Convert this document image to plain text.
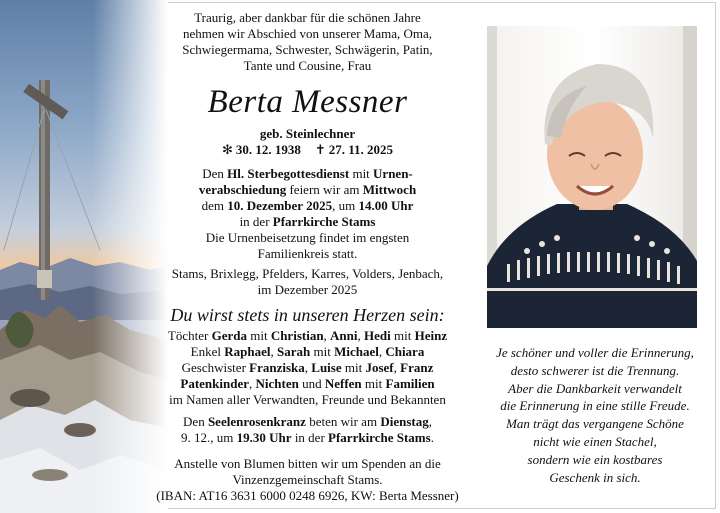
Traurig, aber dankbar für die schönen Jahre
nehmen wir Abschied von unserer Mama, Oma,
Schwiegermama, Schwester, Schwägerin, Patin,
Tante und Cousine, Frau
Berta Messner
geb. Steinlechner
✻ 30. 12. 1938 ✝ 27. 11. 2025
Den Hl. Sterbegottesdienst mit Urnen-
verabschiedung feiern wir am Mittwoch
dem 10. Dezember 2025, um 14.00 Uhr
in der Pfarrkirche Stams
Die Urnenbeisetzung findet im engsten
Familienkreis statt.
Stams, Brixlegg, Pfelders, Karres, Volders, Jenbach,
im Dezember 2025
Du wirst stets in unseren Herzen sein:
Töchter Gerda mit Christian, Anni, Hedi mit Heinz
Enkel Raphael, Sarah mit Michael, Chiara
Geschwister Franziska, Luise mit Josef, Franz
Patenkinder, Nichten und Neffen mit Familien
im Namen aller Verwandten, Freunde und Bekannten
Den Seelenrosenkranz beten wir am Dienstag,
9. 12., um 19.30 Uhr in der Pfarrkirche Stams.
Anstelle von Blumen bitten wir um Spenden an die
Vinzenzgemeinschaft Stams.
(IBAN: AT16 3631 6000 0248 6926, KW: Berta Messner)
Je schöner und voller die Erinnerung,
desto schwerer ist die Trennung.
Aber die Dankbarkeit verwandelt
die Erinnerung in eine stille Freude.
Man trägt das vergangene Schöne
nicht wie einen Stachel,
sondern wie ein kostbares
Geschenk in sich.
